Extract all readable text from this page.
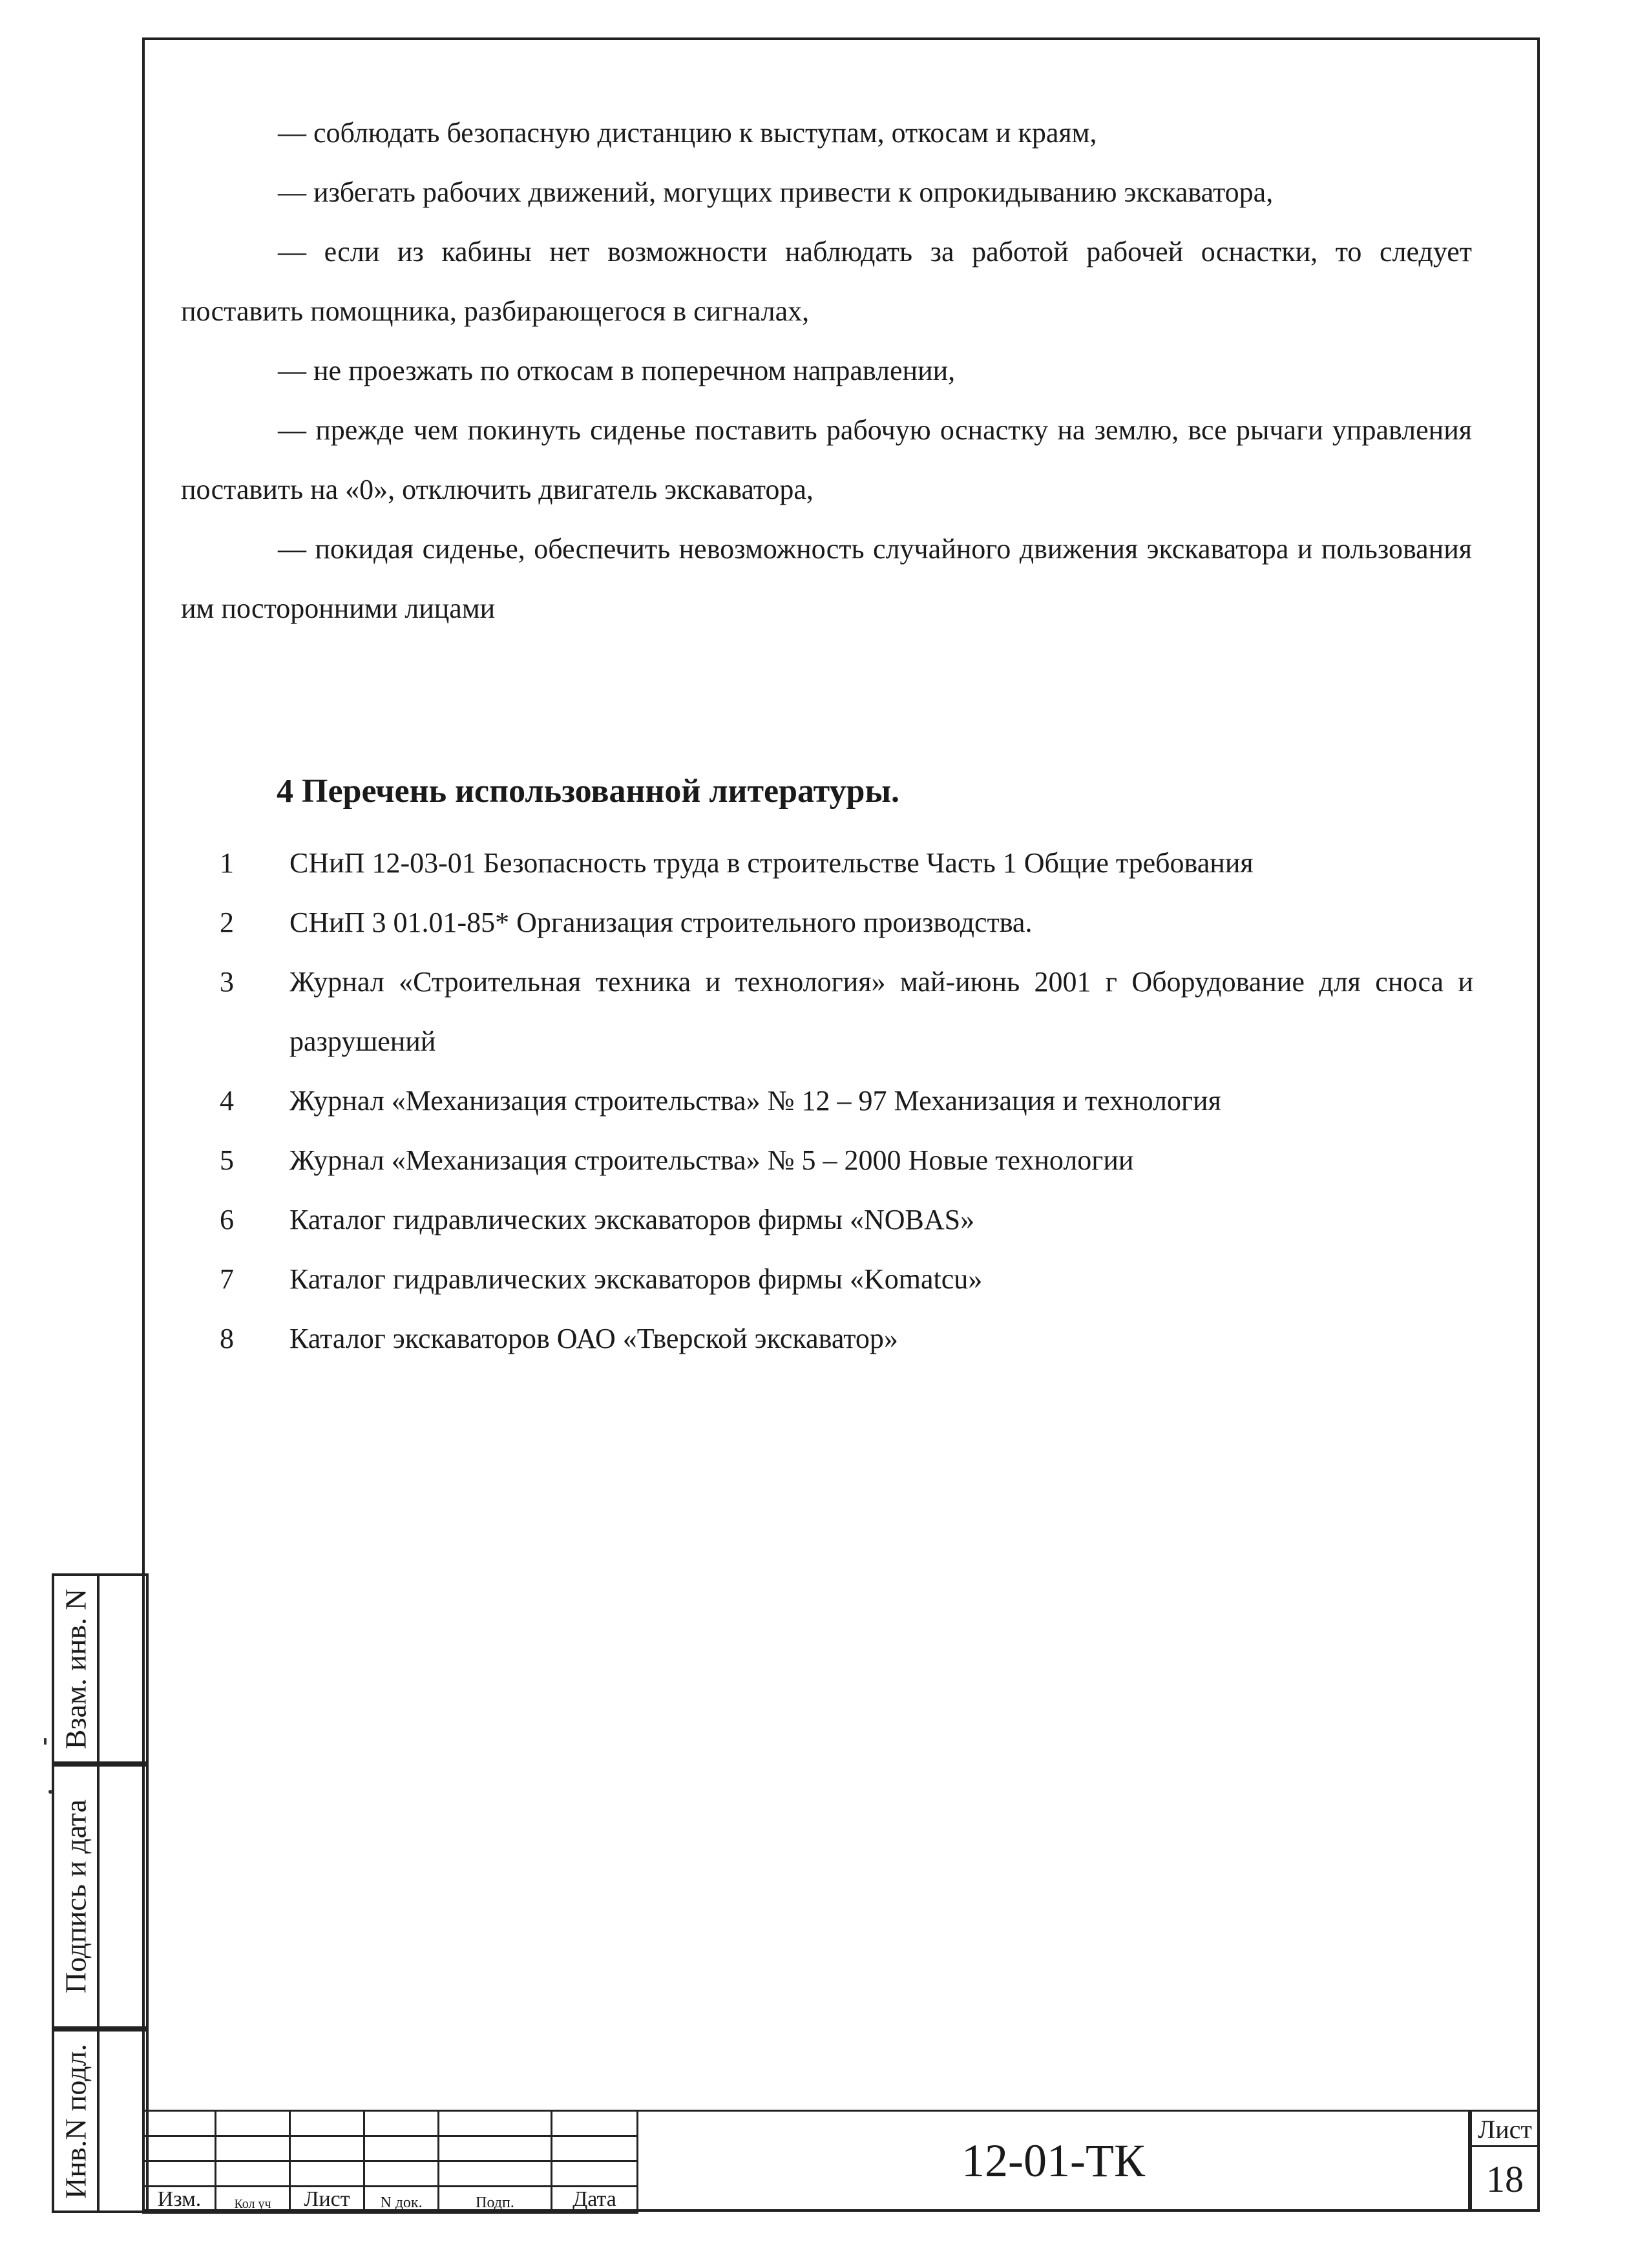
— соблюдать безопасную дистанцию к выступам, откосам и краям,

— избегать рабочих движений, могущих привести к опрокидыванию экскаватора,

— если из кабины нет возможности наблюдать за работой рабочей оснастки, то следует поставить помощника, разбирающегося в сигналах,

— не проезжать по откосам в поперечном направлении,

— прежде чем покинуть сиденье поставить рабочую оснастку на землю, все рычаги управления поставить на «0», отключить двигатель экскаватора,

— покидая сиденье, обеспечить невозможность случайного движения экскаватора и пользования им посторонними лицами

4 Перечень использованной литературы.
1	СНиП 12-03-01 Безопасность труда в строительстве Часть 1 Общие требования
2	СНиП 3 01.01-85* Организация строительного производства.
3	Журнал «Строительная техника и технология» май-июнь 2001 г Оборудование для сноса и разрушений
4	Журнал «Механизация строительства» № 12 – 97 Механизация и технология
5	Журнал «Механизация строительства» № 5 – 2000 Новые технологии
6	Каталог гидравлических экскаваторов фирмы «NOBAS»
7	Каталог гидравлических экскаваторов фирмы «Komatcu»
8	Каталог экскаваторов ОАО «Тверской экскаватор»
Взам. инв. N
Подпись и дата
Инв.N подл.

Изм.	Кол уч	Лист	N док.	Подп.	Дата
12-01-ТК
Лист
18
